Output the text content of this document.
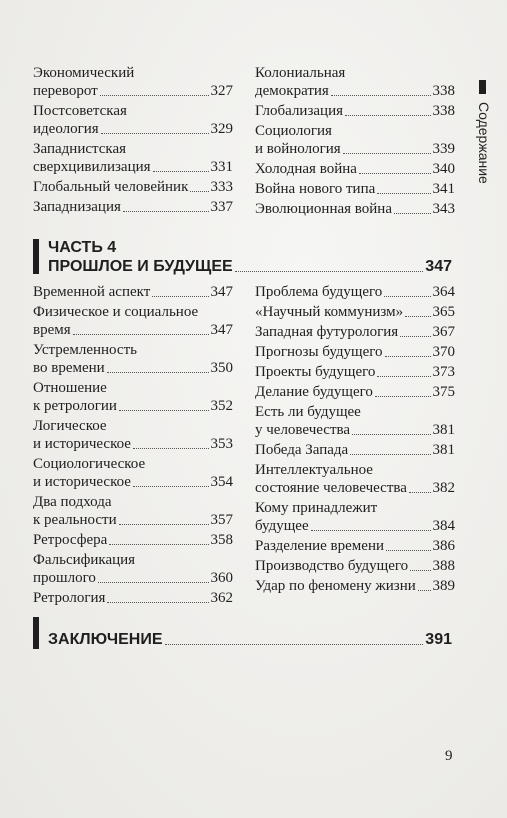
Экономический
переворот	327
Постсоветская
идеология	329
Западнистская
сверхцивилизация	331
Глобальный человейник 333
Западнизация	337
Колониальная
демократия	338
Глобализация	338
Социология
и войнология	339
Холодная война	340
Война нового типа	341
Эволюционная война	343
ЧАСТЬ 4
ПРОШЛОЕ И БУДУЩЕЕ	347
Временной аспект	347
Физическое и социальное
время	347
Устремленность
во времени	350
Отношение
к ретрологии	352
Логическое
и историческое	353
Социологическое
и историческое	354
Два подхода
к реальности	357
Ретросфера	358
Фальсификация
прошлого	360
Ретрология	362
Проблема будущего	364
«Научный коммунизм» 365
Западная футурология 367
Прогнозы будущего	370
Проекты будущего	373
Делание будущего	375
Есть ли будущее
у человечества	381
Победа Запада	381
Интеллектуальное
состояние человечества 382
Кому принадлежит
будущее	384
Разделение времени	386
Производство будущего 388
Удар по феномену жизни 389
ЗАКЛЮЧЕНИЕ	391
Содержание
9
